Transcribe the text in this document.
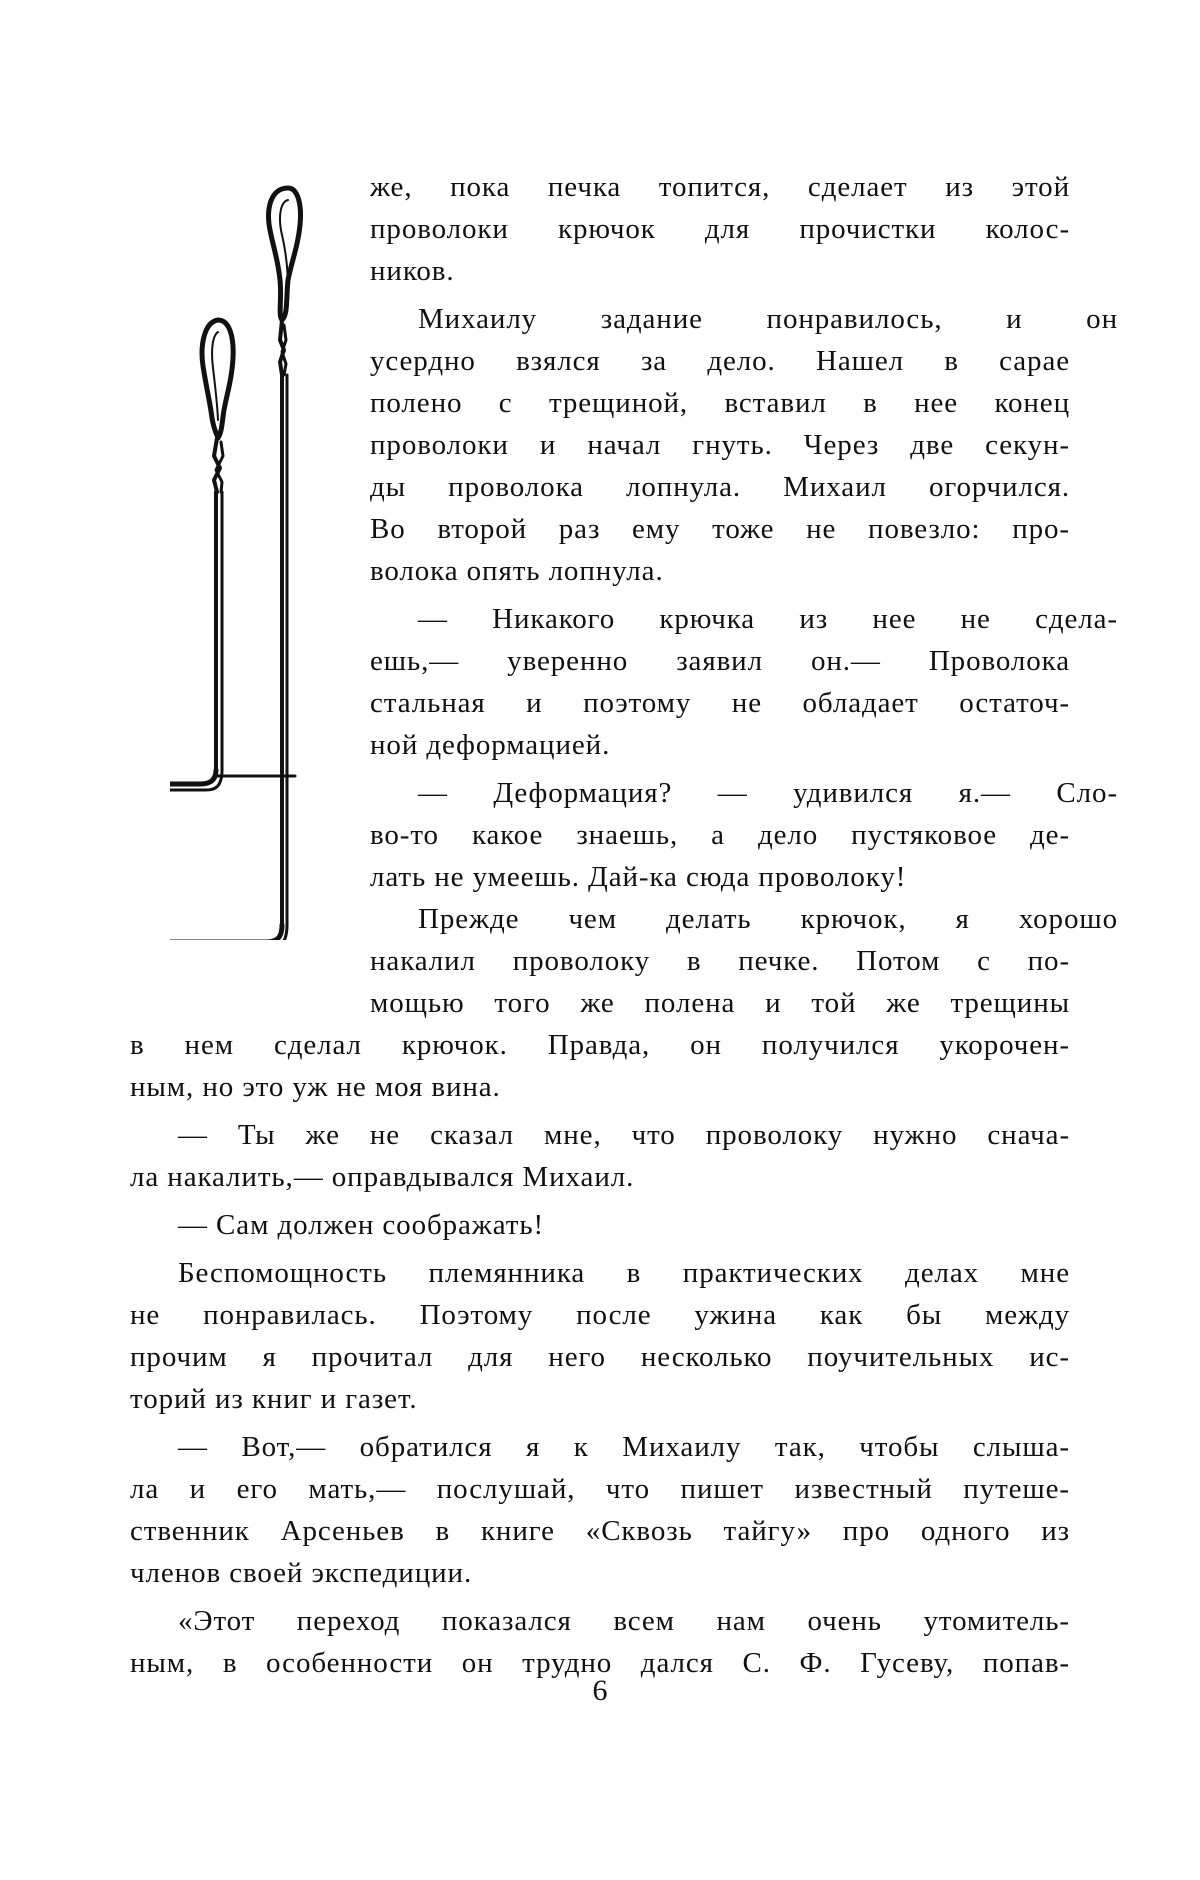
же, пока печка топится, сделает из этой
проволоки крючок для прочистки колос-
ников.
Михаилу задание понравилось, и он
усердно взялся за дело. Нашел в сарае
полено с трещиной, вставил в нее конец
проволоки и начал гнуть. Через две секун-
ды проволока лопнула. Михаил огорчился.
Во второй раз ему тоже не повезло: про-
волока опять лопнула.
— Никакого крючка из нее не сдела-
ешь,— уверенно заявил он.— Проволока
стальная и поэтому не обладает остаточ-
ной деформацией.
— Деформация? — удивился я.— Сло-
во-то какое знаешь, а дело пустяковое де-
лать не умеешь. Дай-ка сюда проволоку!
Прежде чем делать крючок, я хорошо
накалил проволоку в печке. Потом с по-
мощью того же полена и той же трещины
в нем сделал крючок. Правда, он получился укорочен-
ным, но это уж не моя вина.
— Ты же не сказал мне, что проволоку нужно снача-
ла накалить,— оправдывался Михаил.
— Сам должен соображать!
Беспомощность племянника в практических делах мне
не понравилась. Поэтому после ужина как бы между
прочим я прочитал для него несколько поучительных ис-
торий из книг и газет.
— Вот,— обратился я к Михаилу так, чтобы слыша-
ла и его мать,— послушай, что пишет известный путеше-
ственник Арсеньев в книге «Сквозь тайгу» про одного из
членов своей экспедиции.
«Этот переход показался всем нам очень утомитель-
ным, в особенности он трудно дался С. Ф. Гусеву, попав-
6
